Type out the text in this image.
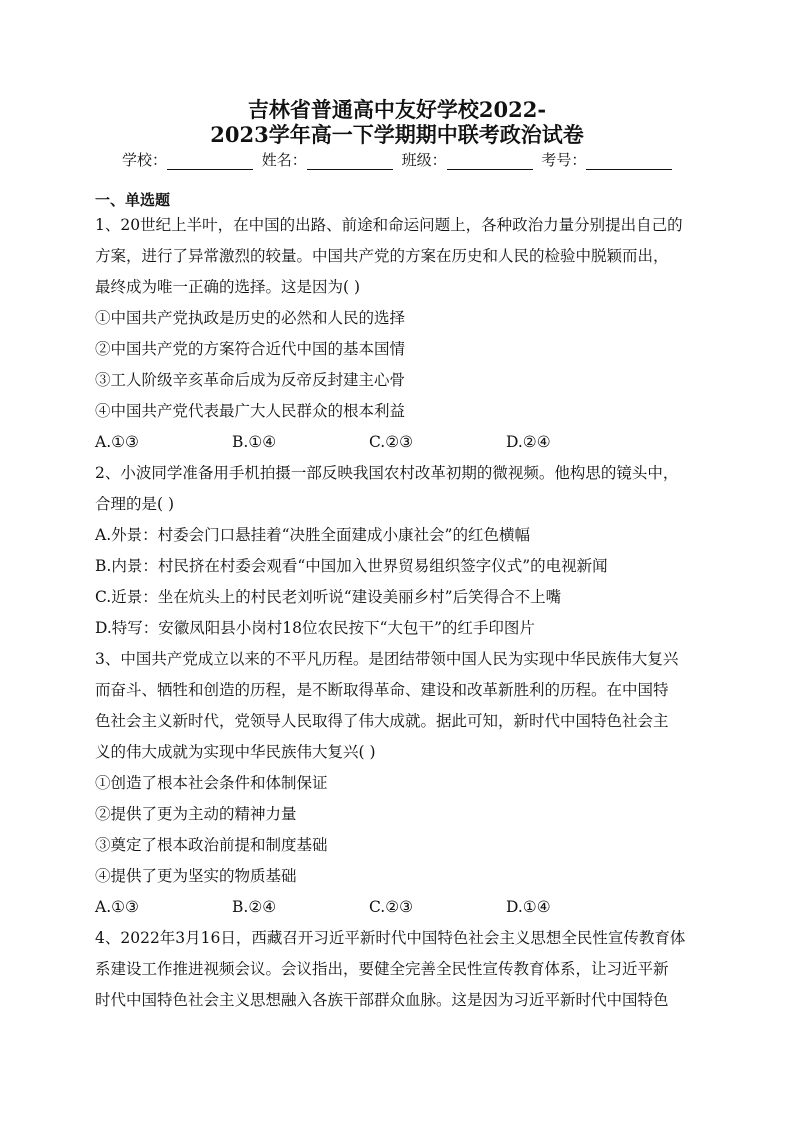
吉林省普通高中友好学校2022-
2023学年高一下学期期中联考政治试卷
学校：	姓名：	班级：	考号：
一、单选题

1、20世纪上半叶，在中国的出路、前途和命运问题上，各种政治力量分别提出自己的

方案，进行了异常激烈的较量。中国共产党的方案在历史和人民的检验中脱颖而出，

最终成为唯一正确的选择。这是因为( )

①中国共产党执政是历史的必然和人民的选择

②中国共产党的方案符合近代中国的基本国情

③工人阶级辛亥革命后成为反帝反封建主心骨

④中国共产党代表最广大人民群众的根本利益

A.①③	B.①④	C.②③	D.②④

2、小波同学准备用手机拍摄一部反映我国农村改革初期的微视频。他构思的镜头中，

合理的是( )

A.外景：村委会门口悬挂着“决胜全面建成小康社会”的红色横幅

B.内景：村民挤在村委会观看“中国加入世界贸易组织签字仪式”的电视新闻

C.近景：坐在炕头上的村民老刘听说“建设美丽乡村”后笑得合不上嘴

D.特写：安徽凤阳县小岗村18位农民按下“大包干”的红手印图片

3、中国共产党成立以来的不平凡历程。是团结带领中国人民为实现中华民族伟大复兴

而奋斗、牺牲和创造的历程，是不断取得革命、建设和改革新胜利的历程。在中国特

色社会主义新时代，党领导人民取得了伟大成就。据此可知，新时代中国特色社会主

义的伟大成就为实现中华民族伟大复兴( )

①创造了根本社会条件和体制保证

②提供了更为主动的精神力量

③奠定了根本政治前提和制度基础

④提供了更为坚实的物质基础

A.①③	B.②④	C.②③	D.①④

4、2022年3月16日，西藏召开习近平新时代中国特色社会主义思想全民性宣传教育体

系建设工作推进视频会议。会议指出，要健全完善全民性宣传教育体系，让习近平新

时代中国特色社会主义思想融入各族干部群众血脉。这是因为习近平新时代中国特色
